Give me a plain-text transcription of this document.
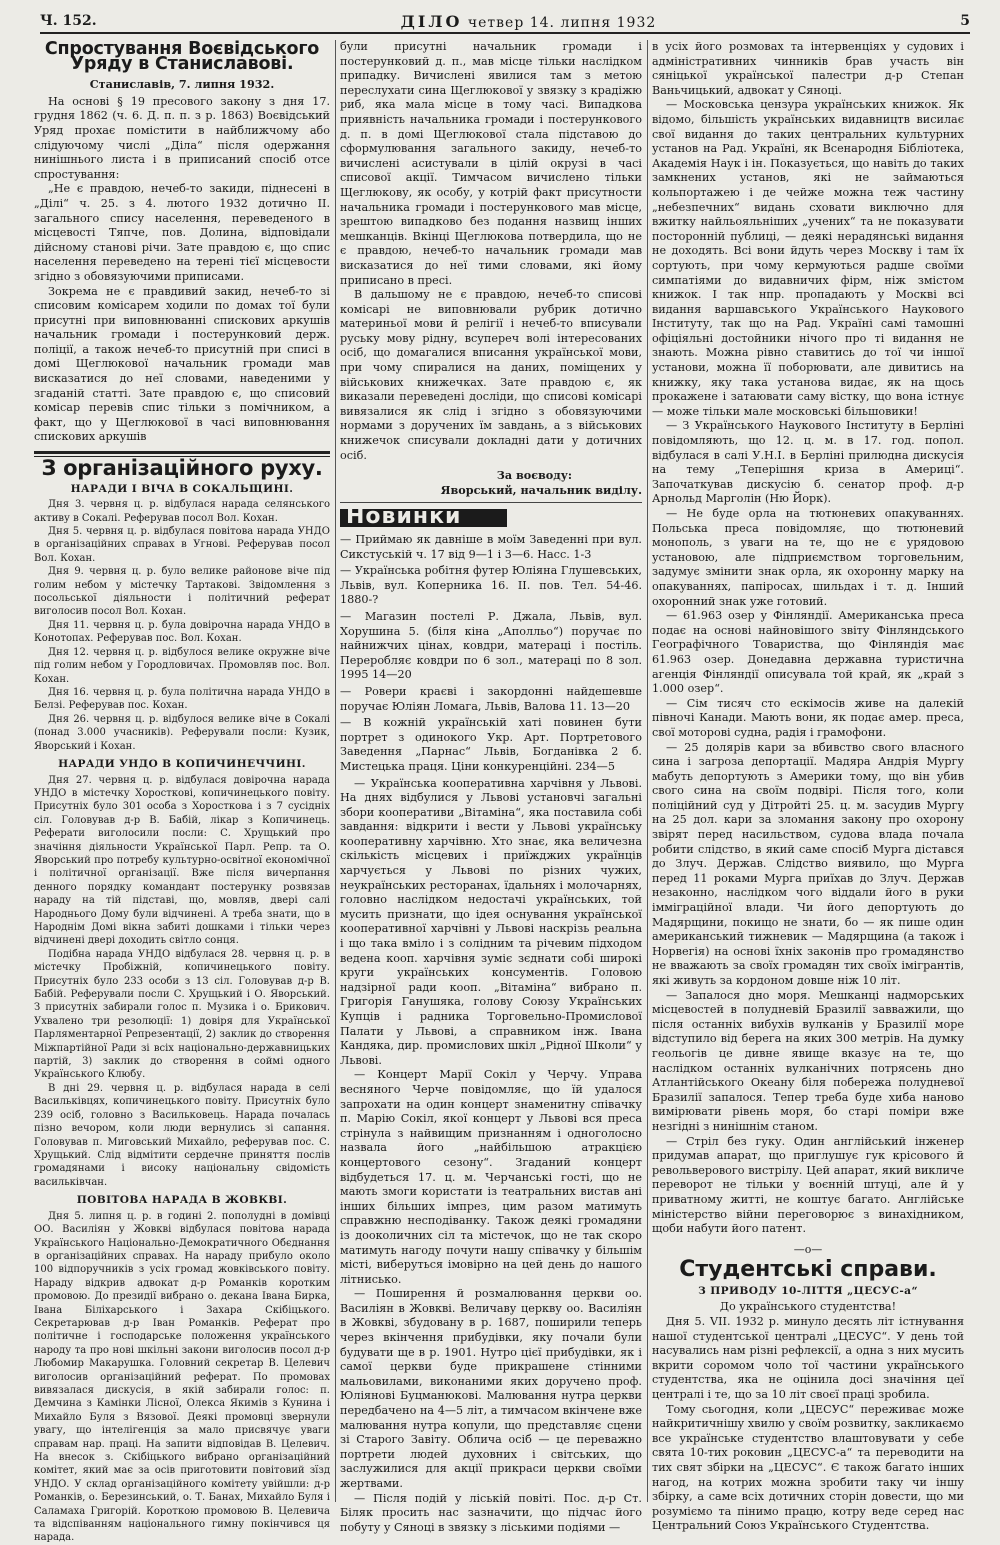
Ч. 152.	ДІЛО четвер 14. липня 1932	5
Спростування Воєвідського Уряду в Станиславові.
Станиславів, 7. липня 1932.

На основі § 19 пресового закону з дня 17. грудня 1862 (ч. 6. Д. п. п. з р. 1863) Воєвідський Уряд прохає помістити в найближчому або слідуючому числі „Діла“ після одержання нинішнього листа і в приписаний спосіб отсе спростування:

„Не є правдою, нечеб-то закиди, піднесені в „Ділі“ ч. 25. з 4. лютого 1932 дотично II. загального спису населення, переведеного в місцевості Тяпче, пов. Долина, відповідали дійсному станові річи. Зате правдою є, що спис населення переведено на терені тієї місцевости згідно з обовязуючими приписами.

Зокрема не є правдивий закид, нечеб-то зі списовим комісарем ходили по домах тої були присутні при виповнюванні спискових аркушів начальник громади і постерунковий держ. поліції, а також нечеб-то присутній при списі в домі Щеглюкової начальник громади мав висказатися до неї словами, наведеними у згаданій статті. Зате правдою є, що списовий комісар перевів спис тільки з помічником, а факт, що у Щеглюкової в часі виповнювання спискових аркушів

З організаційного руху.
НАРАДИ І ВІЧА В СОКАЛЬЩИНІ.

Дня 3. червня ц. р. відбулася нарада селянського активу в Сокалі. Реферував посол Вол. Кохан.

Дня 5. червня ц. р. відбулася повітова нарада УНДО в організаційних справах в Угнові. Реферував посол Вол. Кохан.

Дня 9. червня ц. р. було велике районове віче під голим небом у містечку Тартакові. Звідомлення з посольської діяльности і політичний реферат виголосив посол Вол. Кохан.

Дня 11. червня ц. р. була довірочна нарада УНДО в Конотопах. Реферував пос. Вол. Кохан.

Дня 12. червня ц. р. відбулося велике окружне віче під голим небом у Городловичах. Промовляв пос. Вол. Кохан.

Дня 16. червня ц. р. була політична нарада УНДО в Белзі. Реферував пос. Кохан.

Дня 26. червня ц. р. відбулося велике віче в Сокалі (понад 3.000 учасників). Реферували посли: Кузик, Яворський і Кохан.

НАРАДИ УНДО В КОПИЧИНЕЧЧИНІ.

Дня 27. червня ц. р. відбулася довірочна нарада УНДО в містечку Хоросткові, копичинецького повіту. Присутніх було 301 особа з Хоросткова і з 7 сусідніх сіл. Головував д-р В. Бабій, лікар з Копичинець. Реферати виголосили посли: С. Хрущький про значіння діяльности Української Парл. Репр. та О. Яворський про потребу культурно-освітної економічної і політичної організації. Вже після вичерпання денного порядку командант постерунку розвязав нараду на тій підставі, що, мовляв, двері салі Народнього Дому були відчинені. А треба знати, що в Народнім Домі вікна забиті дошками і тільки через відчинені двері доходить світло сонця.

Подібна нарада УНДО відбулася 28. червня ц. р. в містечку Пробіжній, копичинецького повіту. Присутніх було 233 особи з 13 сіл. Головував д-р В. Бабій. Реферували посли С. Хрущький і О. Яворський. З присутніх забирали голос п. Музика і о. Брикович. Ухвалено три резолюції: 1) довіря для Української Парляментарної Репрезентації, 2) заклик до створення Міжпартійної Ради зі всіх національно-державницьких партій, 3) заклик до створення в соймі одного Українського Клюбу.

В дні 29. червня ц. р. відбулася нарада в селі Васильківцях, копичинецького повіту. Присутніх було 239 осіб, головно з Васильковець. Нарада почалась пізно вечором, коли люди вернулись зі сапання. Головував п. Миговський Михайло, реферував пос. С. Хрущький. Слід відмітити сердечне приняття послів громадянами і високу національну свідомість васильківчан.

ПОВІТОВА НАРАДА В ЖОВКВІ.

Дня 5. липня ц. р. в годині 2. пополудні в домівці ОО. Василіян у Жовкві відбулася повітова нарада Українського Національно-Демократичного Обєднання в організаційних справах. На нараду прибуло около 100 відпоручників з усіх громад жовківського повіту. Нараду відкрив адвокат д-р Романків коротким промовою. До президії вибрано о. декана Івана Бирка, Івана Біліхарського і Захара Скібіцького. Секретарював д-р Іван Романків. Реферат про політичне і господарське положення українського народу та про нові шкільні закони виголосив посол д-р Любомир Макарушка. Головний секретар В. Целевич виголосив організаційний реферат. По промовах вивязалася дискусія, в якій забирали голос: п. Демчина з Камінки Лісної, Олекса Якимів з Кунина і Михайло Буля з Вязової. Деякі промовці звернули увагу, що інтелігенція за мало присвячує уваги справам нар. праці. На запити відповідав В. Целевич. На внесок з. Скібіцького вибрано організаційний комітет, який має за осів приготовити повітовий зїзд УНДО. У склад організаційного комітету увійшли: д-р Романків, о. Березинський, о. Т. Банах, Михайло Буля і Саламаха Григорій. Короткою промовою В. Целевича та відспіванням національного гимну покінчився ця нарада.

були присутні начальник громади і постерунковий д. п., мав місце тільки наслідком припадку. Вичислені явилися там з метою переслухати сина Щеглюкової у звязку з крадіжю риб, яка мала місце в тому часі. Випадкова приявність начальника громади і постерункового д. п. в домі Щеглюкової стала підставою до сформулювання загального закиду, нечеб-то вичислені асистували в цілій окрузі в часі списової акції. Тимчасом вичислено тільки Щеглюкову, як особу, у котрій факт присутности начальника громади і постерункового мав місце, зрештою випадково без подання назвищ інших мешканців. Вкінці Щеглюкова потвердила, що не є правдою, нечеб-то начальник громади мав висказатися до неї тими словами, які йому приписано в пресі.

В дальшому не є правдою, нечеб-то списові комісарі не виповнювали рубрик дотично материньої мови й релігії і нечеб-то вписували руську мову рідну, всупереч волі інтересованих осіб, що домагалися вписання української мови, при чому спиралися на даних, поміщених у військових книжечках. Зате правдою є, як виказали переведені досліди, що списові комісарі вивязалися як слід і згідно з обовязуючими нормами з доручених їм завдань, а з військових книжечок списували докладні дати у дотичних осіб.

За воєводу:
Яворський, начальник виділу.
Новинки

— Приймаю як давніше в моїм Заведенні при вул. Сикстуській ч. 17 від 9—1 і 3—6. Насс. 1-3

— Українська робітня футер Юліяна Глушевських, Львів, вул. Коперника 16. II. пов. Тел. 54-46. 1880-?

— Магазин постелі Р. Джала, Львів, вул. Хорушина 5. (біля кіна „Аполльо“) поручає по найнижчих цінах, ковдри, матераці і постіль. Переробляє ковдри по 6 зол., матераці по 8 зол. 1995 14—20

— Ровери краєві і закордонні найдешевше поручає Юліян Ломага, Львів, Валова 11. 13—20

— В кожній українській хаті повинен бути портрет з одинокого Укр. Арт. Портретового Заведення „Парнас“ Львів, Богданівка 2 б. Мистецька праця. Ціни конкуренційні. 234—5

— Українська кооперативна харчівня у Львові. На днях відбулися у Львові установчі загальні збори кооперативи „Вітаміна“, яка поставила собі завдання: відкрити і вести у Львові українську кооперативну харчівню. Хто знає, яка величезна скількість місцевих і приїжджих українців харчується у Львові по різних чужих, неукраїнських ресторанах, їдальнях і молочарнях, головно наслідком недостачі українських, той мусить признати, що ідея оснування української кооперативної харчівні у Львові наскрізь реальна і що така вміло і з солідним та річевим підходом ведена кооп. харчівня зуміє зєднати собі широкі круги українських консументів. Головою надзірної ради кооп. „Вітаміна“ вибрано п. Григорія Ганушяка, голову Союзу Українських Купців і радника Торговельно-Промислової Палати у Львові, а справником інж. Івана Кандяка, дир. промислових шкіл „Рідної Школи“ у Львові.

— Концерт Марії Сокіл у Черчу. Управа весняного Черче повідомляє, що їй удалося запрохати на один концерт знаменитну співачку п. Марію Сокіл, якої концерт у Львові вся преса стрінула з найвищим признанням і одноголосно назвала його „найбільшою атракцією концертового сезону“. Згаданий концерт відбудеться 17. ц. м. Черчанські гості, що не мають змоги користати із театральних вистав ані інших більших імпрез, цим разом матимуть справжню несподіванку. Також деякі громадяни із дооколичних сіл та містечок, що не так скоро матимуть нагоду почути нашу співачку у більшім місті, виберуться імовірно на цей день до нашого літнисько.

— Поширення й розмалювання церкви оо. Василіян в Жовкві. Величаву церкву оо. Василіян в Жовкві, збудовану в р. 1687, поширили теперь через вкінчення прибудівки, яку почали були будувати ще в р. 1901. Нутро цієї прибудівки, як і самої церкви буде прикрашене стінними мальовилами, виконаними яких доручено проф. Юліянові Буцманюкові. Малювання нутра церкви передбачено на 4—5 літ, а тимчасом вкінчене вже малювання нутра копули, що представляє сцени зі Старого Завіту. Облича осіб — це переважно портрети людей духовних і світських, що заслужилися для акції прикраси церкви своїми жертвами.

— Після подій у ліській повіті. Пос. д-р Ст. Біляк просить нас зазначити, що підчас його побуту у Сяноці в звязку з ліськими подіями —

в усіх його розмовах та інтервенціях у судових і адміністративних чинників брав участь він сяніцької української палестри д-р Степан Ваньчицький, адвокат у Сяноці.

— Московська цензура українських книжок. Як відомо, більшість українських видавництв висилає свої видання до таких центральних культурних установ на Рад. Україні, як Всенародня Бібліотека, Академія Наук і ін. Показується, що навіть до таких замкнених установ, які не займаються кольпортажею і де чейже можна теж частину „небезпечних“ видань сховати виключно для вжитку найльояльніших „учених“ та не показувати посторонній публиці, — деякі нерадянські видання не доходять. Всі вони йдуть через Москву і там їх сортують, при чому кермуються радше своїми симпатіями до видавничих фірм, ніж змістом книжок. І так нпр. пропадають у Москві всі видання варшавського Українського Наукового Інституту, так що на Рад. Україні самі тамошні офіціяльні достойники нічого про ті видання не знають. Можна рівно ставитись до тої чи іншої установи, можна її поборювати, але дивитись на книжку, яку така установа видає, як на щось прокажене і затаювати саму вістку, що вона істнує — може тільки мале московські більшовики!

— З Українського Наукового Інституту в Берліні повідомляють, що 12. ц. м. в 17. год. попол. відбулася в салі У.Н.І. в Берліні прилюдна дискусія на тему „Теперішня криза в Америці“. Започаткував дискусію б. сенатор проф. д-р Арнольд Марголін (Ню Йорк).

— Не буде орла на тютюневих опакуваннях. Польська преса повідомляє, що тютюневий монополь, з уваги на те, що не є урядовою установою, але підприємством торговельним, задумує змінити знак орла, як охоронну марку на опакуваннях, папіросах, шильдах і т. д. Інший охоронний знак уже готовий.

— 61.963 озер у Фінляндії. Американська преса подає на основі найновішого звіту Фінляндського Географічного Товариства, що Фінляндія має 61.963 озер. Донедавна державна туристична агенція Фінляндії описувала той край, як „край з 1.000 озер“.

— Сім тисяч сто ескімосів живе на далекій півночі Канади. Мають вони, як подає амер. преса, свої моторові судна, радія і грамофони.

— 25 долярів кари за вбивство свого власного сина і загроза депортації. Мадяра Андрія Мургу мабуть депортують з Америки тому, що він убив свого сина на своїм подвірі. Після того, коли поліційний суд у Дітройті 25. ц. м. засудив Мургу на 25 дол. кари за зломання закону про охорону звірят перед насильством, судова влада почала робити слідство, в який саме спосіб Мурга дістався до Злуч. Держав. Слідство виявило, що Мурга перед 11 роками Мурга приїхав до Злуч. Держав незаконно, наслідком чого віддали його в руки імміграційної влади. Чи його депортують до Мадярщини, покищо не знати, бо — як пише один американський тижневик — Мадярщина (а також і Норвегія) на основі їхніх законів про громадянство не вважають за своїх громадян тих своїх імігрантів, які живуть за кордоном довше ніж 10 літ.

— Запалося дно моря. Мешканці надморських місцевостей в полудневій Бразилії завважили, що після останніх вибухів вулканів у Бразилії море відступило від берега на яких 300 метрів. На думку геольогів це дивне явище вказує на те, що наслідком останніх вулканічних потрясень дно Атлантійського Океану біля побережа полудневої Бразилії запалося. Тепер треба буде хиба наново вимірювати рівень моря, бо старі поміри вже незгідні з нинішнім станом.

— Стріл без гуку. Один англійський інженер придумав апарат, що приглушує гук крісового й револьверового вистрілу. Цей апарат, який викличе переворот не тільки у воєнній штуці, але й у приватному житті, не коштує багато. Англійське міністерство війни переговорює з винахідником, щоби набути його патент.

—о—
Студентські справи.
З ПРИВОДУ 10-ЛІТТЯ „ЦЕСУС-а“
До українського студентства!

Дня 5. VII. 1932 р. минуло десять літ істнування нашої студентської централі „ЦЕСУС“. У день той насувались нам різні рефлексії, а одна з них мусить вкрити соромом чоло тої частини українського студентства, яка не оцінила досі значіння цеї централі і те, що за 10 літ своєї праці зробила.

Тому сьогодня, коли „ЦЕСУС“ переживає може найкритичнішу хвилю у своїм розвитку, закликаємо все українське студентство влаштовувати у себе свята 10-тих роковин „ЦЕСУС-а“ та переводити на тих свят збірки на „ЦЕСУС“. Є також багато інших нагод, на котрих можна зробити таку чи іншу збірку, а саме всіх дотичних сторін довести, що ми розуміємо та пінимо працю, котру веде серед нас Центральний Союз Українського Студентства.
